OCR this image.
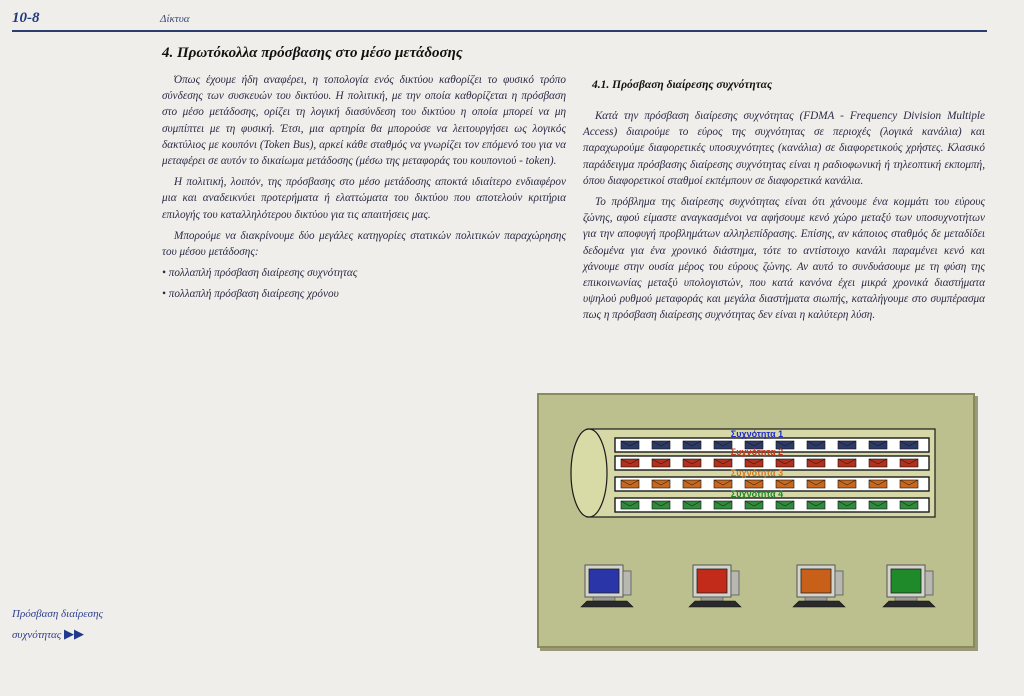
10-8	Δίκτυα
4. Πρωτόκολλα πρόσβασης στο μέσο μετάδοσης

Όπως έχουμε ήδη αναφέρει, η τοπολογία ενός δικτύου καθορίζει το φυσικό τρόπο σύνδεσης των συσκευών του δικτύου. Η πολιτική, με την οποία καθορίζεται η πρόσβαση στο μέσο μετάδοσης, ορίζει τη λογική διασύνδεση του δικτύου η οποία μπορεί να μη συμπίπτει με τη φυσική. Έτσι, μια αρτηρία θα μπορούσε να λειτουργήσει ως λογικός δακτύλιος με κουπόνι (Token Bus), αρκεί κάθε σταθμός να γνωρίζει τον επόμενό του για να μεταφέρει σε αυτόν το δικαίωμα μετάδοσης (μέσω της μεταφοράς του κουπονιού - token).

Η πολιτική, λοιπόν, της πρόσβασης στο μέσο μετάδοσης αποκτά ιδιαίτερο ενδιαφέρον μια και αναδεικνύει προτερήματα ή ελαττώματα του δικτύου που αποτελούν κριτήρια επιλογής του καταλληλότερου δικτύου για τις απαιτήσεις μας.

Μπορούμε να διακρίνουμε δύο μεγάλες κατηγορίες στατικών πολιτικών παραχώρησης του μέσου μετάδοσης:

• πολλαπλή πρόσβαση διαίρεσης συχνότητας
• πολλαπλή πρόσβαση διαίρεσης χρόνου
4.1. Πρόσβαση διαίρεσης συχνότητας

Κατά την πρόσβαση διαίρεσης συχνότητας (FDMA - Frequency Division Multiple Access) διαιρούμε το εύρος της συχνότητας σε περιοχές (λογικά κανάλια) και παραχωρούμε διαφορετικές υποσυχνότητες (κανάλια) σε διαφορετικούς χρήστες. Κλασικό παράδειγμα πρόσβασης διαίρεσης συχνότητας είναι η ραδιοφωνική ή τηλεοπτική εκπομπή, όπου διαφορετικοί σταθμοί εκπέμπουν σε διαφορετικά κανάλια.

Το πρόβλημα της διαίρεσης συχνότητας είναι ότι χάνουμε ένα κομμάτι του εύρους ζώνης, αφού είμαστε αναγκασμένοι να αφήσουμε κενό χώρο μεταξύ των υποσυχνοτήτων για την αποφυγή προβλημάτων αλληλεπίδρασης. Επίσης, αν κάποιος σταθμός δε μεταδίδει δεδομένα για ένα χρονικό διάστημα, τότε το αντίστοιχο κανάλι παραμένει κενό και χάνουμε στην ουσία μέρος του εύρους ζώνης. Αν αυτό το συνδυάσουμε με τη φύση της επικοινωνίας μεταξύ υπολογιστών, που κατά κανόνα έχει μικρά χρονικά διαστήματα υψηλού ρυθμού μεταφοράς και μεγάλα διαστήματα σιωπής, καταλήγουμε στο συμπέρασμα πως η πρόσβαση διαίρεσης συχνότητας δεν είναι η καλύτερη λύση.

Πρόσβαση διαίρεσης συχνότητας ▶▶
Συχνότητα 1
Συχνότητα 2
Συχνότητα 3
Συχνότητα 4
